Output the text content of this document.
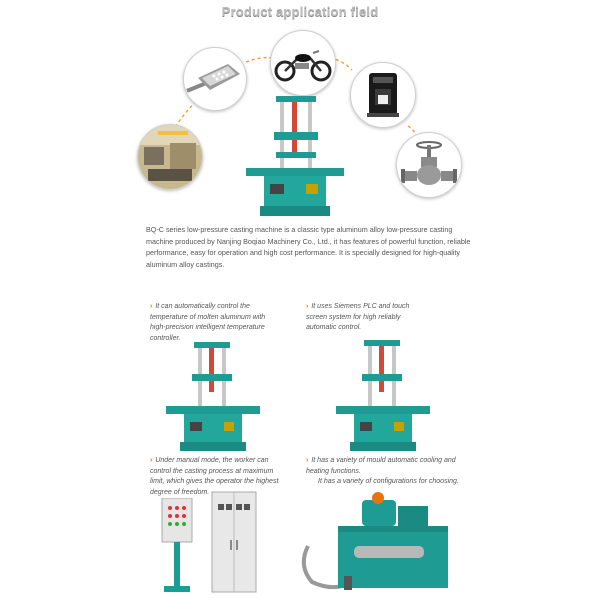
Product application field
BQ-C series low-pressure casting machine is a classic type aluminum alloy low-pressure casting machine produced by Nanjing Boqiao Machinery Co., Ltd., it has features of powerful function, reliable performance, easy for operation and high cost performance. It is specially designed for high-quality aluminum alloy castings.
› It can automatically control the temperature of molten aluminum with high-precision intelligent temperature controller.
› It uses Siemens PLC and touch screen system for high reliably automatic control.
› Under manual mode, the worker can control the casting process at maximum limit, which gives the operator the highest degree of freedom.
› It has a variety of mould automatic cooling and heating functions.
It has a variety of configurations for choosing.
